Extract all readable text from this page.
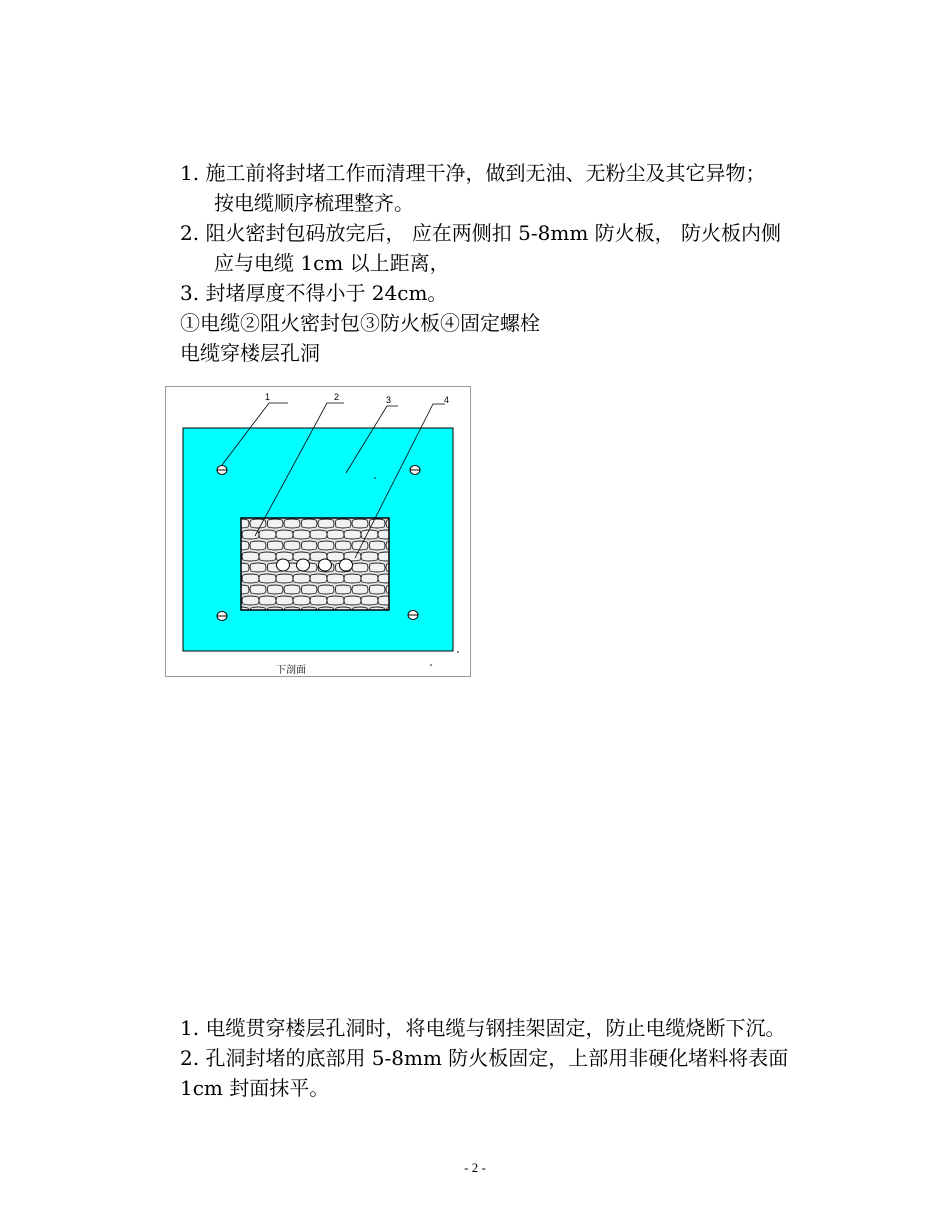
1. 施工前将封堵工作而清理干净，做到无油、无粉尘及其它异物；
按电缆顺序梳理整齐。
2. 阻火密封包码放完后， 应在两侧扣 5-8mm 防火板， 防火板内侧
应与电缆 1cm 以上距离，
3. 封堵厚度不得小于 24cm。
①电缆②阻火密封包③防火板④固定螺栓
电缆穿楼层孔洞
1	2	3	4
下剖面
1. 电缆贯穿楼层孔洞时，将电缆与钢挂架固定，防止电缆烧断下沉。
2. 孔洞封堵的底部用 5-8mm 防火板固定，上部用非硬化堵料将表面
1cm 封面抹平。
- 2 -
